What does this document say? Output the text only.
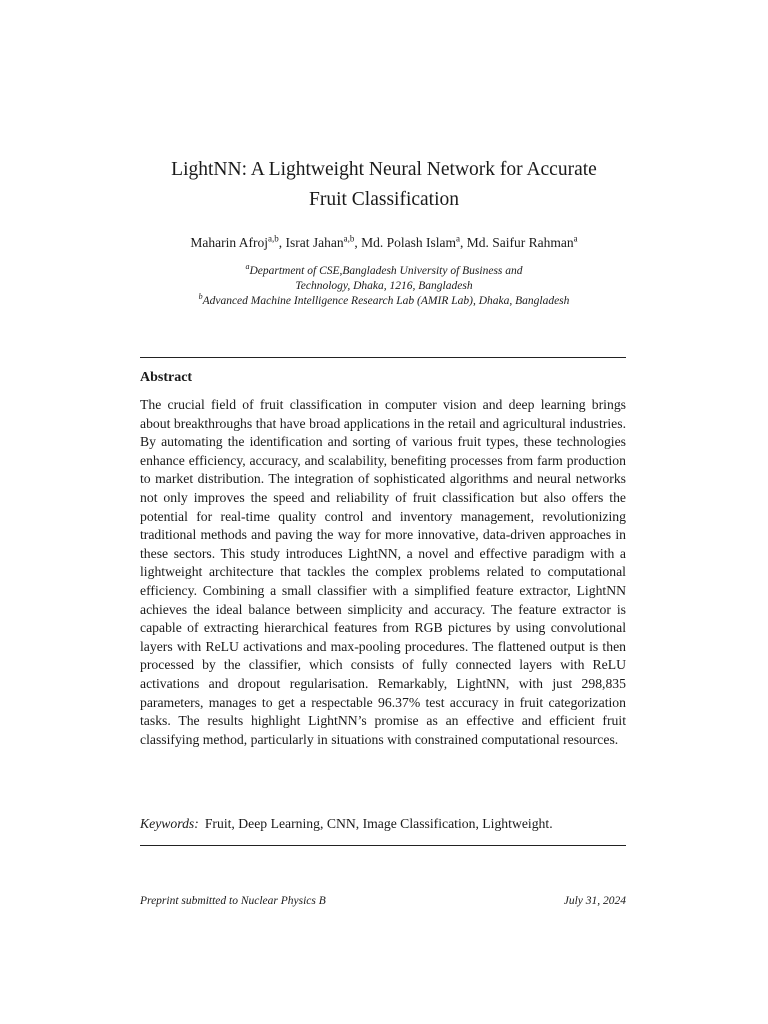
LightNN: A Lightweight Neural Network for Accurate
Fruit Classification
Maharin Afroj$^{a,b}$, Israt Jahan$^{a,b}$, Md. Polash Islam$^a$, Md. Saifur Rahman$^a$
$^a$Department of CSE,Bangladesh University of Business and
Technology, Dhaka, 1216, Bangladesh
$^b$Advanced Machine Intelligence Research Lab (AMIR Lab), Dhaka, Bangladesh
Abstract
The crucial field of fruit classification in computer vision and deep learning brings about breakthroughs that have broad applications in the retail and agricultural industries. By automating the identification and sorting of various fruit types, these technologies enhance efficiency, accuracy, and scalability, benefiting processes from farm production to market distribution. The integration of sophisticated algorithms and neural networks not only improves the speed and reliability of fruit classification but also offers the potential for real-time quality control and inventory management, revolutionizing traditional methods and paving the way for more innovative, data-driven approaches in these sectors. This study introduces LightNN, a novel and effective paradigm with a lightweight architecture that tackles the complex problems related to computational efficiency. Combining a small classifier with a simplified feature extractor, LightNN achieves the ideal balance between simplicity and accuracy. The feature extractor is capable of extracting hierarchical features from RGB pictures by using convolutional layers with ReLU activations and max-pooling procedures. The flattened output is then processed by the classifier, which consists of fully connected layers with ReLU activations and dropout regularisation. Remarkably, LightNN, with just 298,835 parameters, manages to get a respectable 96.37% test accuracy in fruit categorization tasks. The results highlight LightNN’s promise as an effective and efficient fruit classifying method, particularly in situations with constrained computational resources.
Keywords: Fruit, Deep Learning, CNN, Image Classification, Lightweight.
Preprint submitted to Nuclear Physics B	July 31, 2024
